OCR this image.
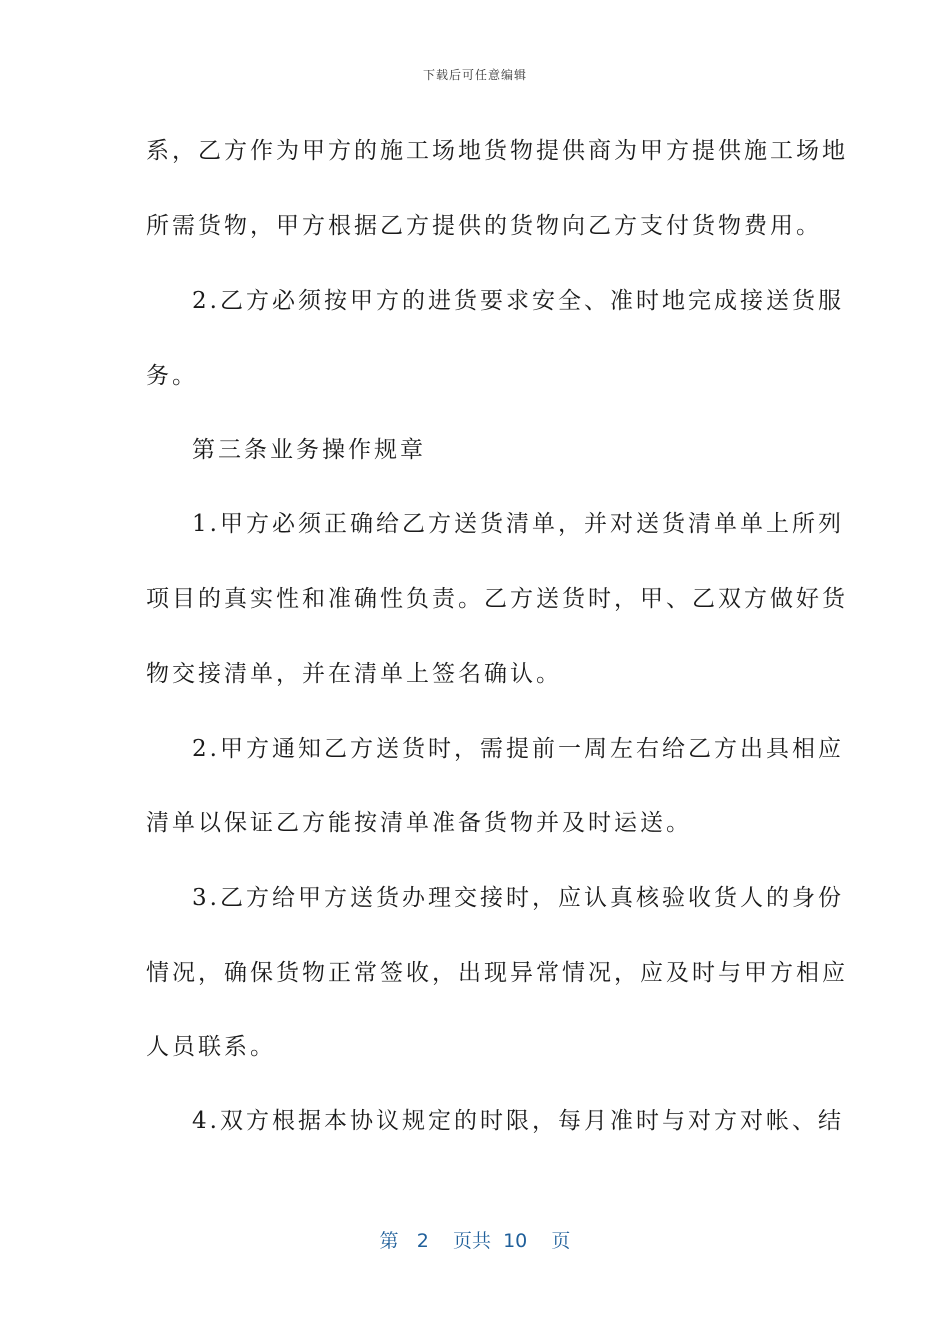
下载后可任意编辑
系，乙方作为甲方的施工场地货物提供商为甲方提供施工场地
所需货物，甲方根据乙方提供的货物向乙方支付货物费用。
2.乙方必须按甲方的进货要求安全、准时地完成接送货服
务。
第三条业务操作规章
1.甲方必须正确给乙方送货清单，并对送货清单单上所列
项目的真实性和准确性负责。乙方送货时，甲、乙双方做好货
物交接清单，并在清单上签名确认。
2.甲方通知乙方送货时，需提前一周左右给乙方出具相应
清单以保证乙方能按清单准备货物并及时运送。
3.乙方给甲方送货办理交接时，应认真核验收货人的身份
情况，确保货物正常签收，出现异常情况，应及时与甲方相应
人员联系。
4.双方根据本协议规定的时限，每月准时与对方对帐、结
第 2 页共 10 页
